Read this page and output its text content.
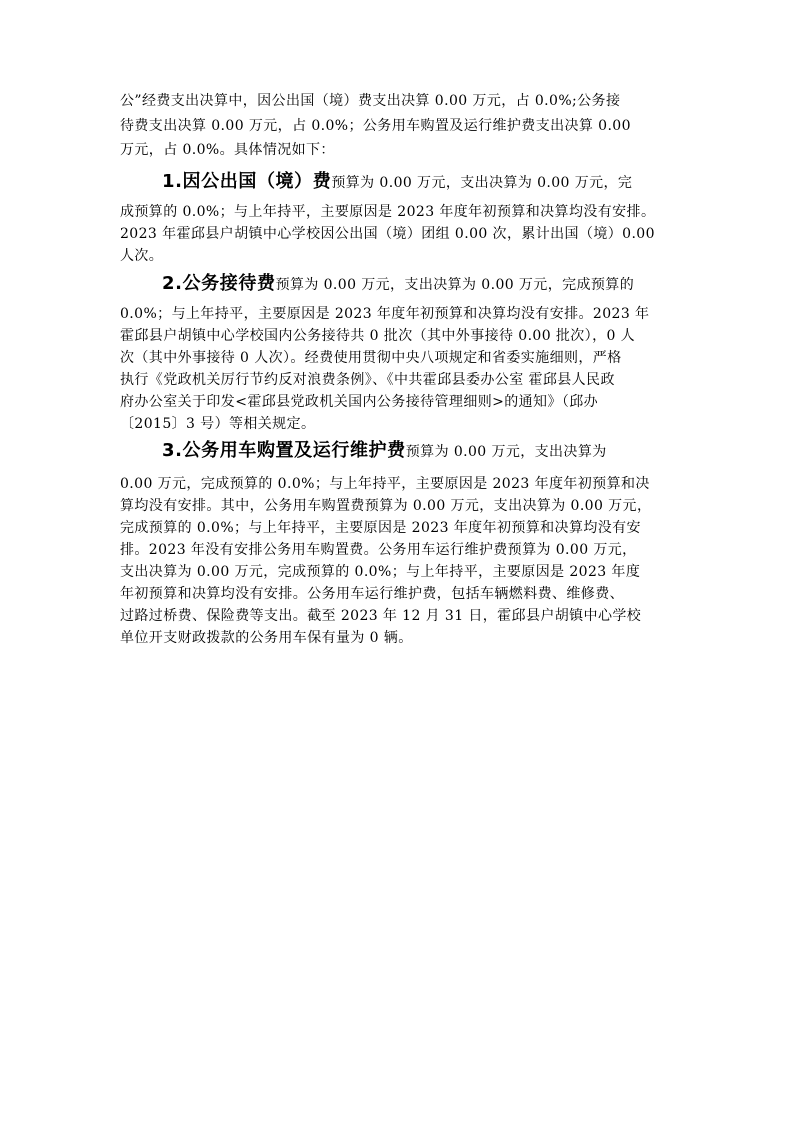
公”经费支出决算中，因公出国（境）费支出决算 0.00 万元，占 0.0%;公务接
待费支出决算 0.00 万元，占 0.0%；公务用车购置及运行维护费支出决算 0.00
万元，占 0.0%。具体情况如下：
1.因公出国（境）费预算为 0.00 万元，支出决算为 0.00 万元，完
成预算的 0.0%；与上年持平，主要原因是 2023 年度年初预算和决算均没有安排。
2023 年霍邱县户胡镇中心学校因公出国（境）团组 0.00 次，累计出国（境）0.00
人次。
2.公务接待费预算为 0.00 万元，支出决算为 0.00 万元，完成预算的
0.0%；与上年持平，主要原因是 2023 年度年初预算和决算均没有安排。2023 年
霍邱县户胡镇中心学校国内公务接待共 0 批次（其中外事接待 0.00 批次），0 人
次（其中外事接待 0 人次）。经费使用贯彻中央八项规定和省委实施细则，严格
执行《党政机关厉行节约反对浪费条例》、《中共霍邱县委办公室 霍邱县人民政
府办公室关于印发<霍邱县党政机关国内公务接待管理细则>的通知》（邱办
〔2015〕3 号）等相关规定。
3.公务用车购置及运行维护费预算为 0.00 万元，支出决算为
0.00 万元，完成预算的 0.0%；与上年持平，主要原因是 2023 年度年初预算和决
算均没有安排。其中，公务用车购置费预算为 0.00 万元，支出决算为 0.00 万元，
完成预算的 0.0%；与上年持平，主要原因是 2023 年度年初预算和决算均没有安
排。2023 年没有安排公务用车购置费。公务用车运行维护费预算为 0.00 万元，
支出决算为 0.00 万元，完成预算的 0.0%；与上年持平，主要原因是 2023 年度
年初预算和决算均没有安排。公务用车运行维护费，包括车辆燃料费、维修费、
过路过桥费、保险费等支出。截至 2023 年 12 月 31 日，霍邱县户胡镇中心学校
单位开支财政拨款的公务用车保有量为 0 辆。
